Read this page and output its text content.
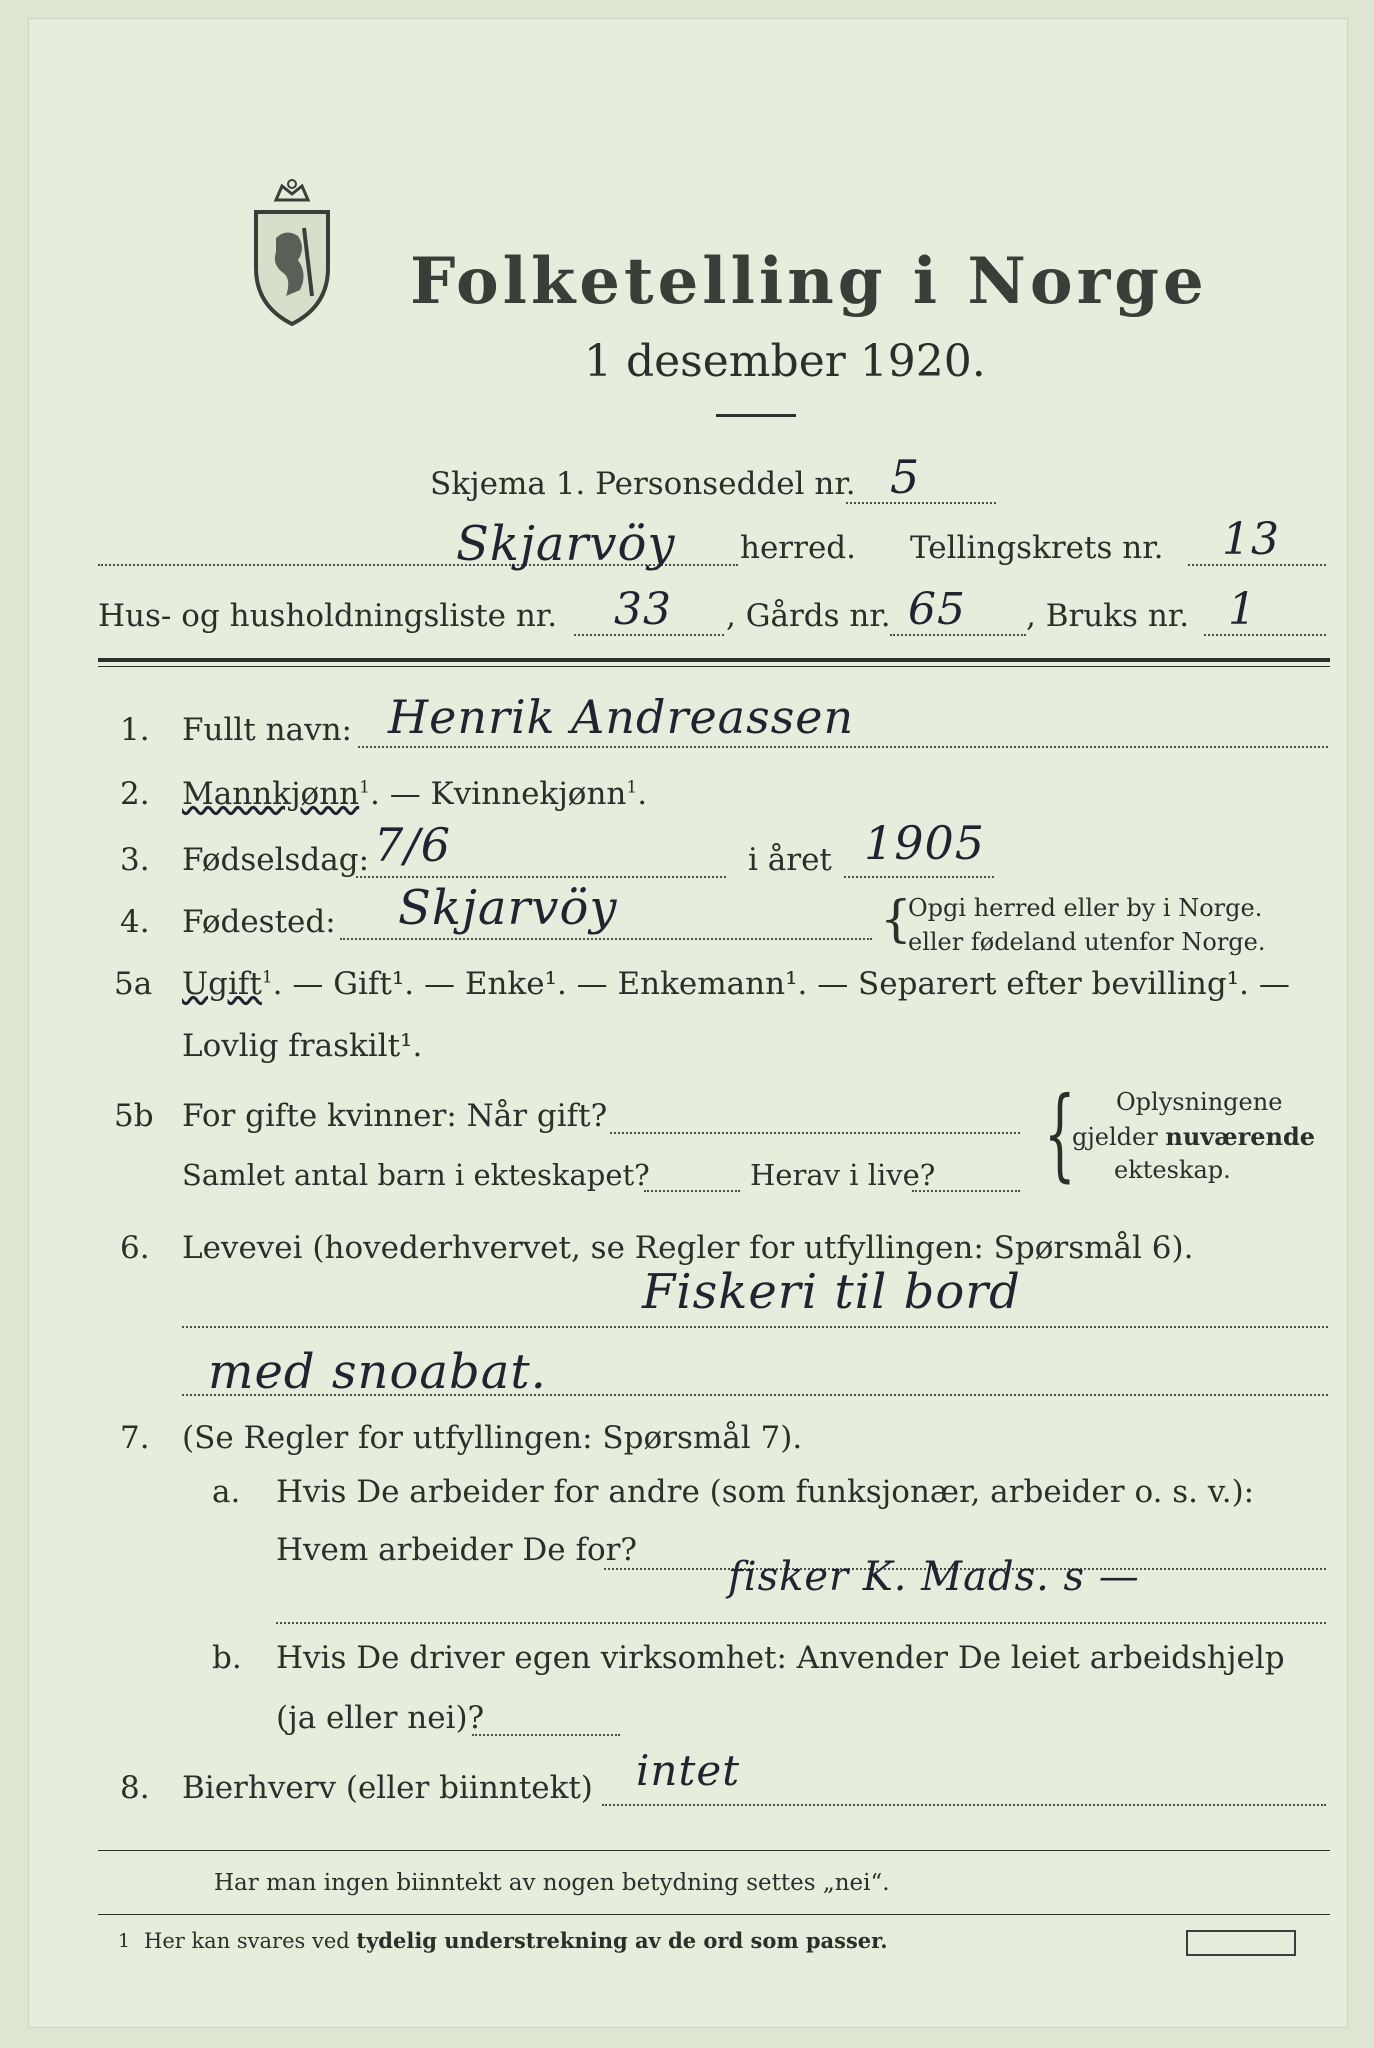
Folketelling i Norge
1 desember 1920.
Skjema 1. Personseddel nr. 5
Skjarvöy herred. Tellingskrets nr. 13
Hus- og husholdningsliste nr. 33 , Gårds nr. 65 , Bruks nr. 1
1. Fullt navn: Henrik Andreassen
2. Mannkjønn$^1$. — Kvinnekjønn$^1$.
3. Fødselsdag: 7/6	i året 1905
4. Fødested: Skjarvöy	{
Opgi herred eller by i Norge.
eller fødeland utenfor Norge.
5a Ugift$^1$. — Gift¹. — Enke¹. — Enkemann¹. — Separert efter bevilling¹. —
Lovlig fraskilt¹.
5b For gifte kvinner: Når gift?
Samlet antal barn i ekteskapet?	Herav i live? { Oplysningene
gjelder nuværende
ekteskap.
6. Levevei (hovederhvervet, se Regler for utfyllingen: Spørsmål 6).
Fiskeri til bord
med snoabat.
7. (Se Regler for utfyllingen: Spørsmål 7).
a. Hvis De arbeider for andre (som funksjonær, arbeider o. s. v.):
Hvem arbeider De for?
fisker K. Mads. s —
b. Hvis De driver egen virksomhet: Anvender De leiet arbeidshjelp
(ja eller nei)?
8. Bierhverv (eller biinntekt) intet
Har man ingen biinntekt av nogen betydning settes „nei“.
1 Her kan svares ved tydelig understrekning av de ord som passer.
